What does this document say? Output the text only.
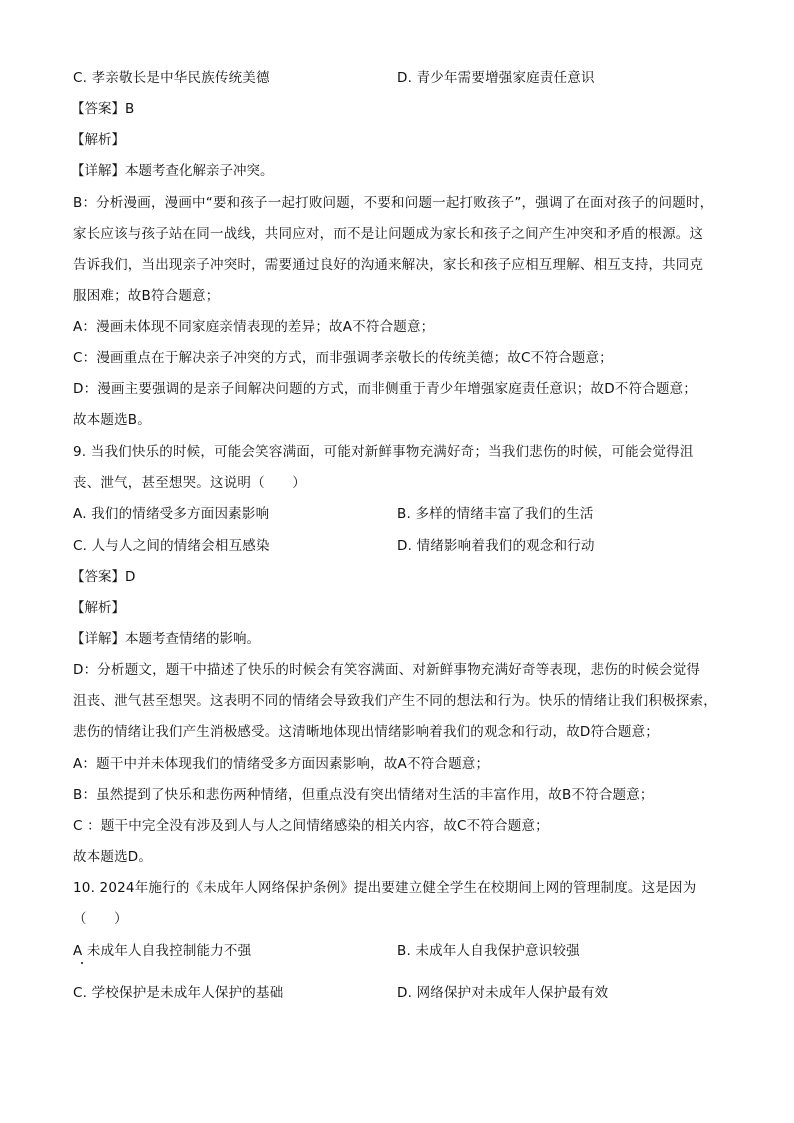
C. 孝亲敬长是中华民族传统美德	D. 青少年需要增强家庭责任意识
【答案】B
【解析】
【详解】本题考查化解亲子冲突。
B：分析漫画，漫画中“要和孩子一起打败问题，不要和问题一起打败孩子”，强调了在面对孩子的问题时，
家长应该与孩子站在同一战线，共同应对，而不是让问题成为家长和孩子之间产生冲突和矛盾的根源。这
告诉我们，当出现亲子冲突时，需要通过良好的沟通来解决，家长和孩子应相互理解、相互支持，共同克
服困难；故B符合题意；
A：漫画未体现不同家庭亲情表现的差异；故A不符合题意；
C：漫画重点在于解决亲子冲突的方式，而非强调孝亲敬长的传统美德；故C不符合题意；
D：漫画主要强调的是亲子间解决问题的方式，而非侧重于青少年增强家庭责任意识；故D不符合题意；
故本题选B。
9. 当我们快乐的时候，可能会笑容满面，可能对新鲜事物充满好奇；当我们悲伤的时候，可能会觉得沮
丧、泄气，甚至想哭。这说明（　　）
A. 我们的情绪受多方面因素影响	B. 多样的情绪丰富了我们的生活
C. 人与人之间的情绪会相互感染	D. 情绪影响着我们的观念和行动
【答案】D
【解析】
【详解】本题考查情绪的影响。
D：分析题文，题干中描述了快乐的时候会有笑容满面、对新鲜事物充满好奇等表现，悲伤的时候会觉得
沮丧、泄气甚至想哭。这表明不同的情绪会导致我们产生不同的想法和行为。快乐的情绪让我们积极探索，
悲伤的情绪让我们产生消极感受。这清晰地体现出情绪影响着我们的观念和行动，故D符合题意；
A：题干中并未体现我们的情绪受多方面因素影响，故A不符合题意；
B：虽然提到了快乐和悲伤两种情绪，但重点没有突出情绪对生活的丰富作用，故B不符合题意；
C ：题干中完全没有涉及到人与人之间情绪感染的相关内容，故C不符合题意；
故本题选D。
10. 2024年施行的《未成年人网络保护条例》提出要建立健全学生在校期间上网的管理制度。这是因为
（　　）
A 未成年人自我控制能力不强	B. 未成年人自我保护意识较强
C. 学校保护是未成年人保护的基础	D. 网络保护对未成年人保护最有效
